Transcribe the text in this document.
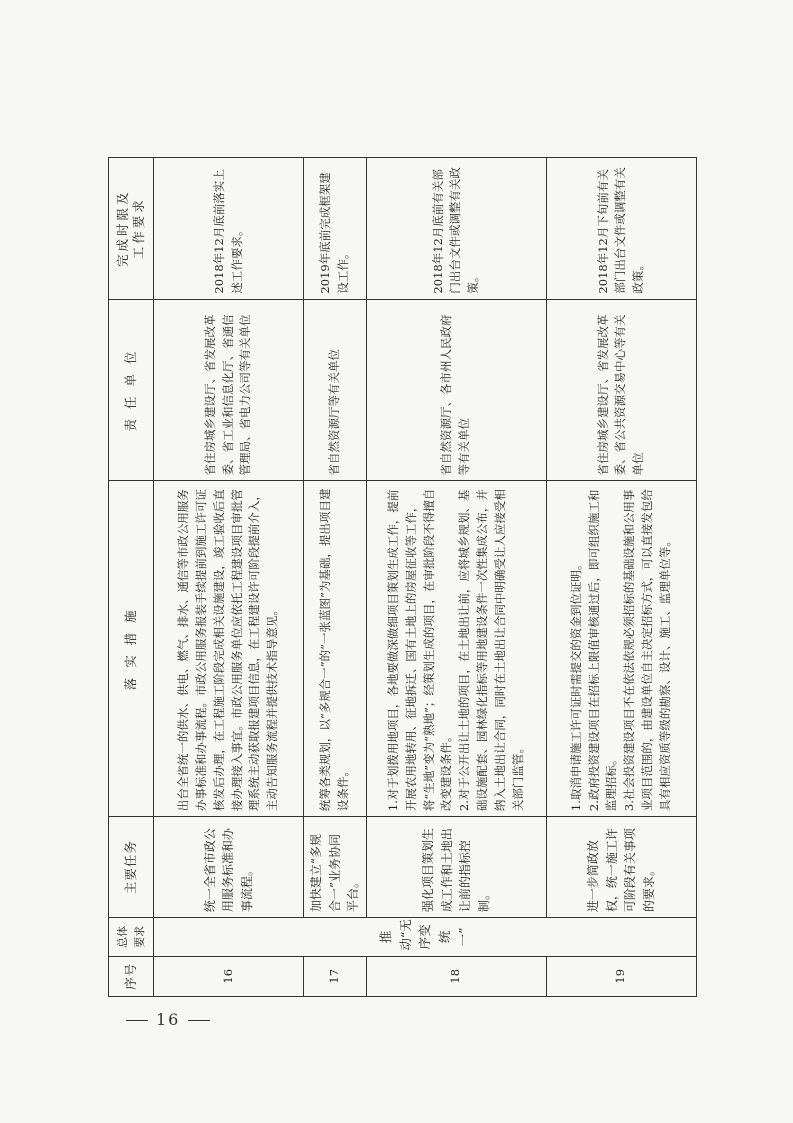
序号	总体要求	主要任务	落 实 措 施	责 任 单 位	完成时限及 工作要求

16	推动“无序变统一”	统一全省市政公用服务标准和办事流程。	出台全省统一的供水、供电、燃气、排水、通信等市政公用服务办事标准和办事流程。市政公用服务报装手续提前到施工许可证核发后办理，在工程施工阶段完成相关设施建设，竣工验收后直接办理接入事宜。市政公用服务单位应依托工程建设项目审批管理系统主动获取报建项目信息，在工程建设许可阶段提前介入，主动告知服务流程并提供技术指导意见。	省住房城乡建设厅、省发展改革委、省工业和信息化厅、省通信管理局、省电力公司等有关单位	2018年12月底前落实上述工作要求。
17		加快建立“多规合一”业务协同平台。	统筹各类规划，以“多规合一”的“一张蓝图”为基础，提出项目建设条件。	省自然资源厅等有关单位	2019年底前完成框架建设工作。
18		强化项目策划生成工作和土地出让前的指标控制。	1.对于划拨用地项目，各地要做深做细项目策划生成工作，提前开展农用地转用、征地拆迁、国有土地上的房屋征收等工作，将“生地”变为“熟地”；经策划生成的项目，在审批阶段不得擅自改变建设条件。 2.对于公开出让土地的项目，在土地出让前，应将城乡规划、基础设施配套、园林绿化指标等用地建设条件一次性集成公布，并纳入土地出让合同，同时在土地出让合同中明确受让人应接受相关部门监管。	省自然资源厅、各市州人民政府等有关单位	2018年12月底前有关部门出台文件或调整有关政策。
19		进一步简政放权，统一施工许可阶段有关事项的要求。	1.取消申请施工许可证时需提交的资金到位证明。 2.政府投资建设项目在招标上限值审核通过后，即可组织施工和监理招标。 3.社会投资建设项目不在依法依规必须招标的基础设施和公用事业项目范围的，由建设单位自主决定招标方式，可以直接发包给具有相应资质等级的勘察、设计、施工、监理单位等。	省住房城乡建设厅、省发展改革委、省公共资源交易中心等有关单位	2018年12月下旬前有关部门出台文件或调整有关政策。
16
